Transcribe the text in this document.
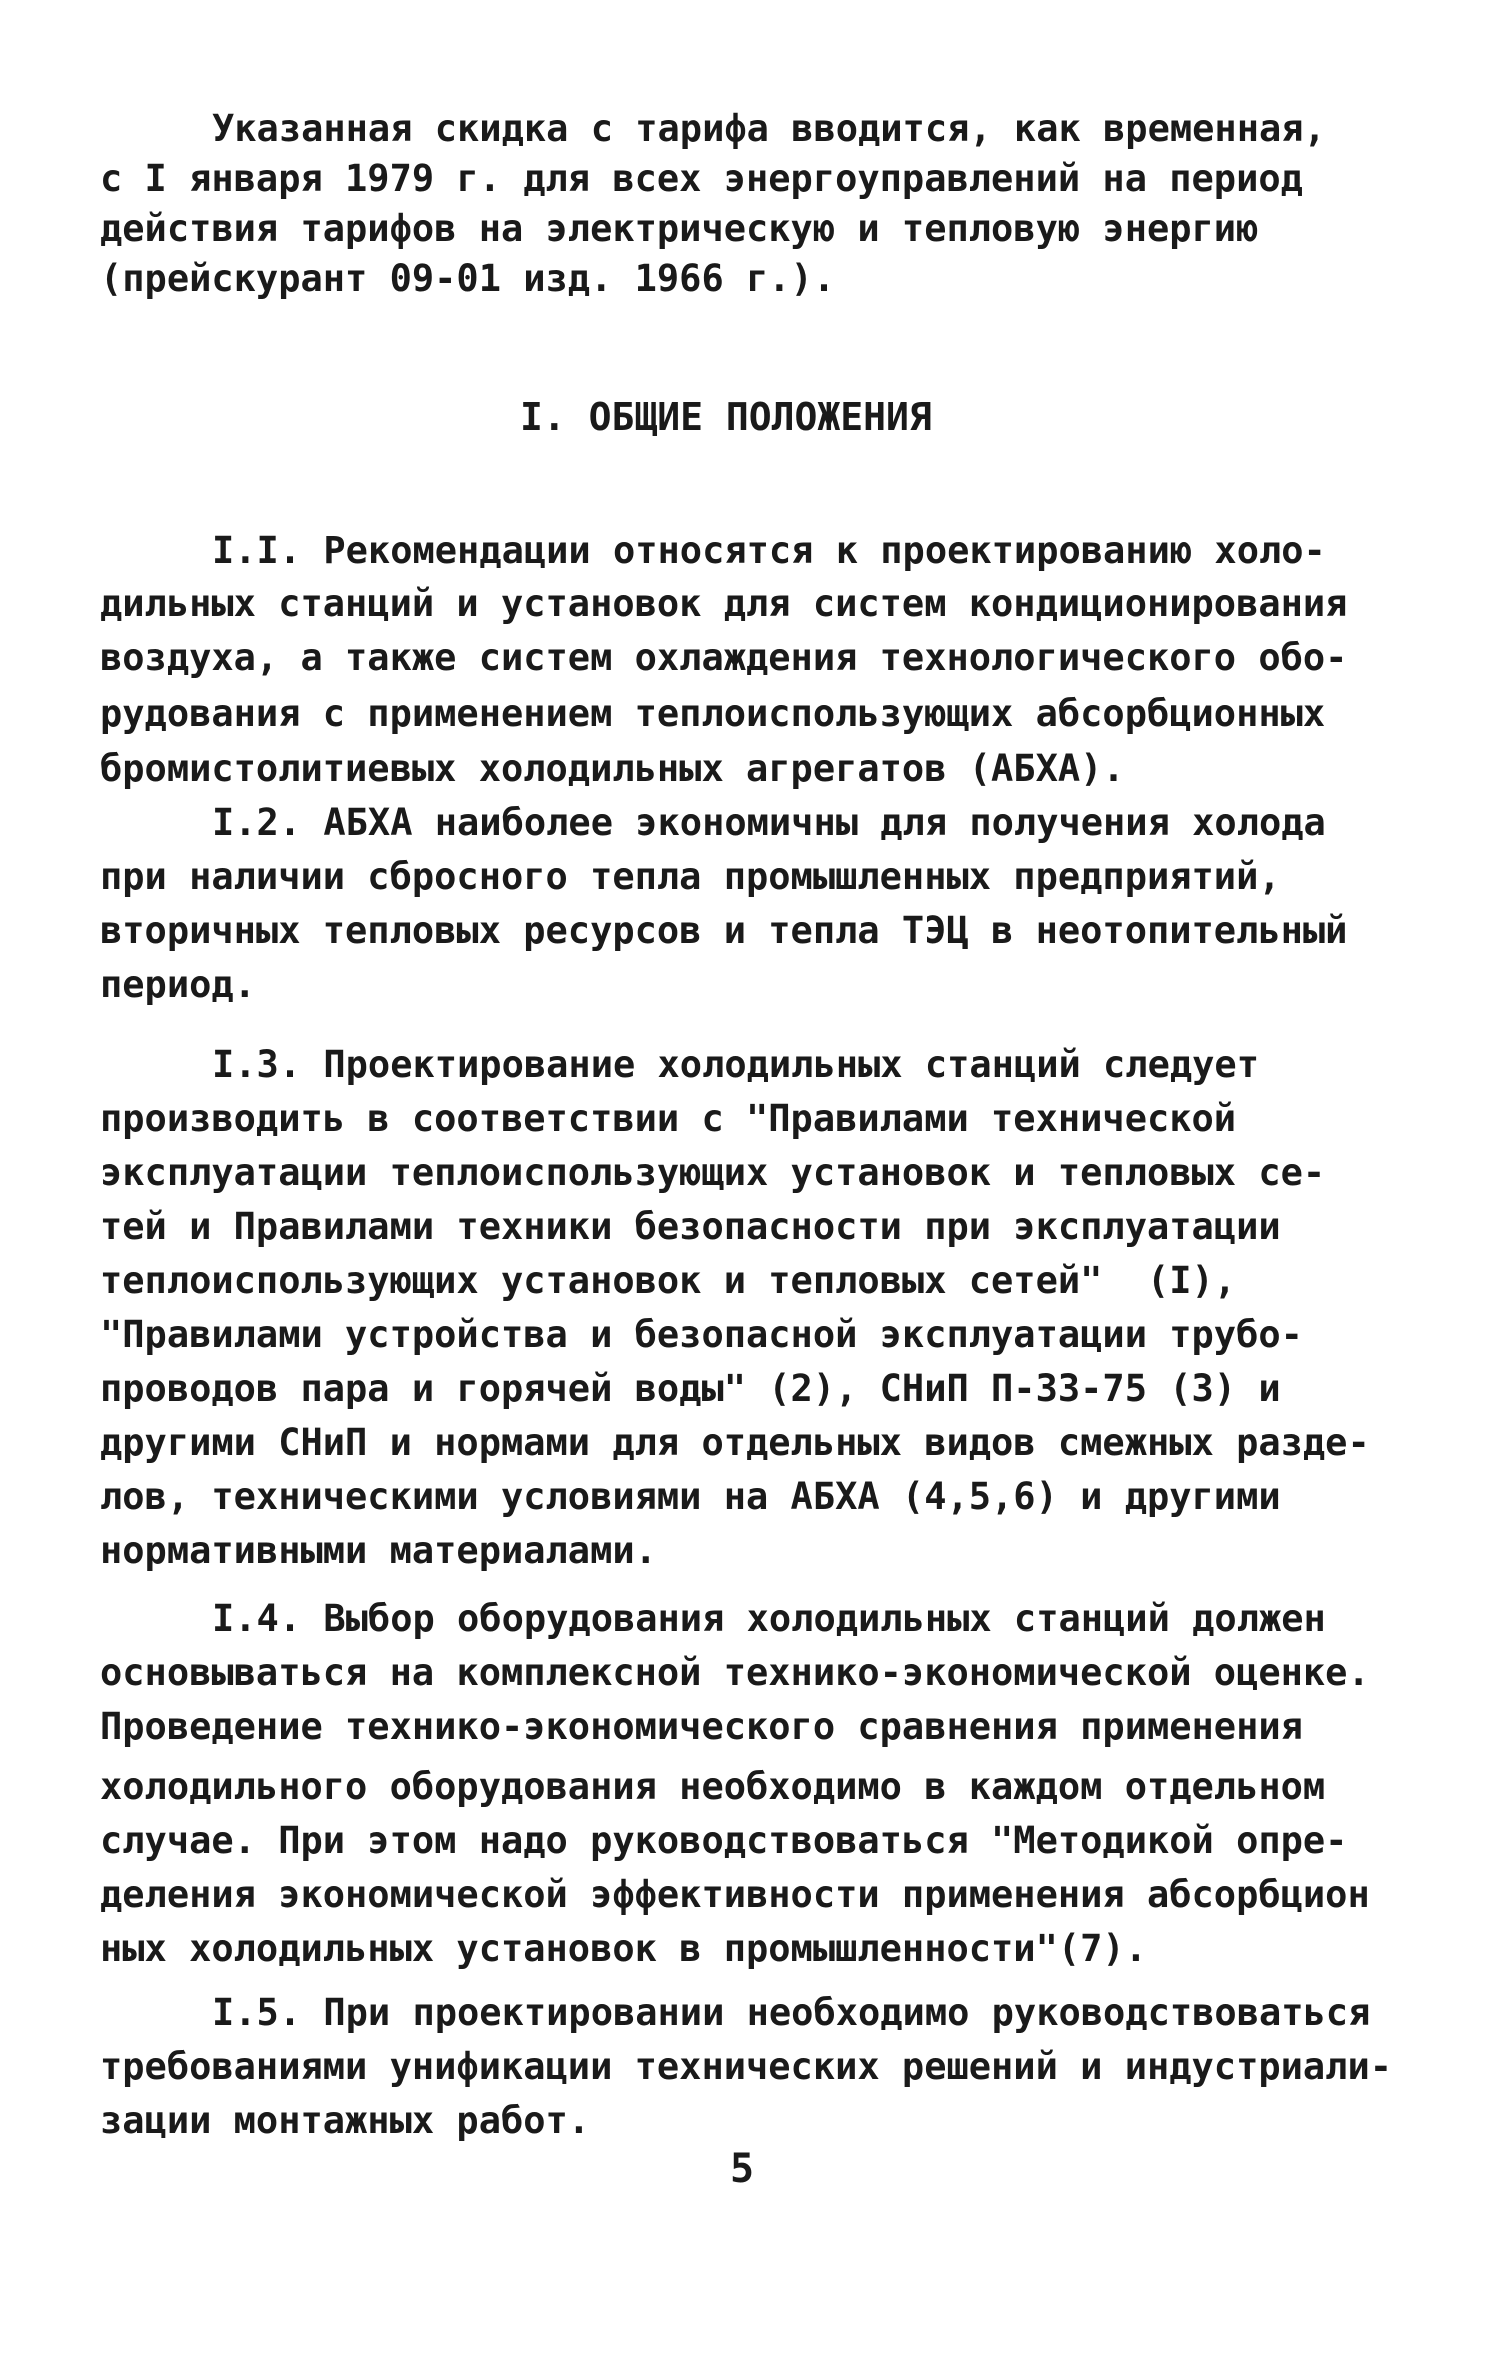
Указанная скидка с тарифа вводится, как временная,
с I января 1979 г. для всех энергоуправлений на период
действия тарифов на электрическую и тепловую энергию
(прейскурант 09-01 изд. 1966 г.).
I. ОБЩИЕ ПОЛОЖЕНИЯ
I.I. Рекомендации относятся к проектированию холо-
дильных станций и установок для систем кондиционирования
воздуха, а также систем охлаждения технологического обо-
рудования с применением теплоиспользующих абсорбционных
бромистолитиевых холодильных агрегатов (АБХА).
I.2. АБХА наиболее экономичны для получения холода
при наличии сбросного тепла промышленных предприятий,
вторичных тепловых ресурсов и тепла ТЭЦ в неотопительный
период.
I.3. Проектирование холодильных станций следует
производить в соответствии с "Правилами технической
эксплуатации теплоиспользующих установок и тепловых се-
тей и Правилами техники безопасности при эксплуатации
теплоиспользующих установок и тепловых сетей"  (I),
"Правилами устройства и безопасной эксплуатации трубо-
проводов пара и горячей воды" (2), СНиП П-33-75 (3) и
другими СНиП и нормами для отдельных видов смежных разде-
лов, техническими условиями на АБХА (4,5,6) и другими
нормативными материалами.
I.4. Выбор оборудования холодильных станций должен
основываться на комплексной технико-экономической оценке.
Проведение технико-экономического сравнения применения
холодильного оборудования необходимо в каждом отдельном
случае. При этом надо руководствоваться "Методикой опре-
деления экономической эффективности применения абсорбцион
ных холодильных установок в промышленности"(7).
I.5. При проектировании необходимо руководствоваться
требованиями унификации технических решений и индустриали-
зации монтажных работ.
5
